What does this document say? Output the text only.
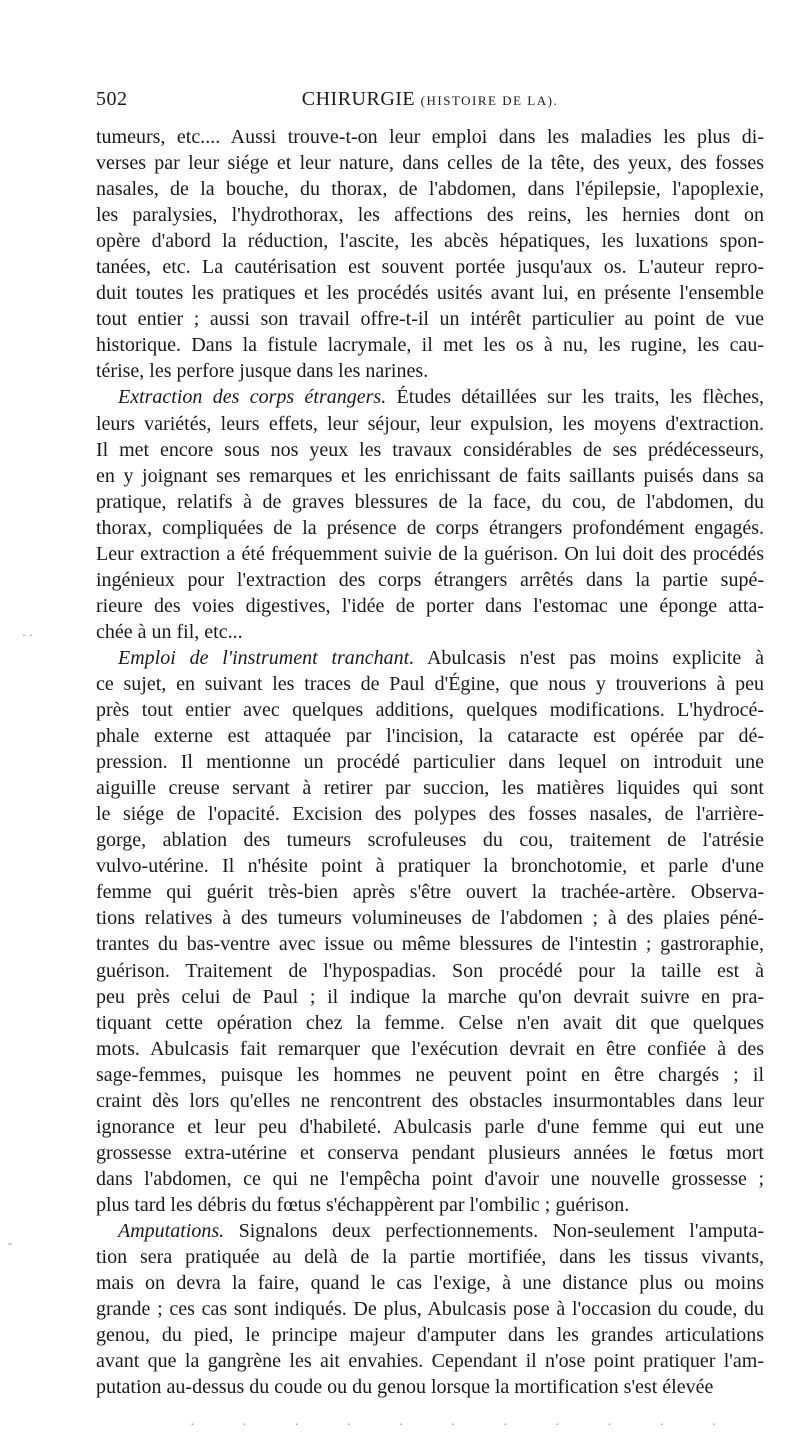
502	CHIRURGIE (HISTOIRE DE LA).
tumeurs, etc.... Aussi trouve-t-on leur emploi dans les maladies les plus di-
verses par leur siége et leur nature, dans celles de la tête, des yeux, des fosses
nasales, de la bouche, du thorax, de l'abdomen, dans l'épilepsie, l'apoplexie,
les paralysies, l'hydrothorax, les affections des reins, les hernies dont on
opère d'abord la réduction, l'ascite, les abcès hépatiques, les luxations spon-
tanées, etc. La cautérisation est souvent portée jusqu'aux os. L'auteur repro-
duit toutes les pratiques et les procédés usités avant lui, en présente l'ensemble
tout entier ; aussi son travail offre-t-il un intérêt particulier au point de vue
historique. Dans la fistule lacrymale, il met les os à nu, les rugine, les cau-
térise, les perfore jusque dans les narines.
Extraction des corps étrangers. Études détaillées sur les traits, les flèches,
leurs variétés, leurs effets, leur séjour, leur expulsion, les moyens d'extraction.
Il met encore sous nos yeux les travaux considérables de ses prédécesseurs,
en y joignant ses remarques et les enrichissant de faits saillants puisés dans sa
pratique, relatifs à de graves blessures de la face, du cou, de l'abdomen, du
thorax, compliquées de la présence de corps étrangers profondément engagés.
Leur extraction a été fréquemment suivie de la guérison. On lui doit des procédés
ingénieux pour l'extraction des corps étrangers arrêtés dans la partie supé-
rieure des voies digestives, l'idée de porter dans l'estomac une éponge atta-
chée à un fil, etc...
Emploi de l'instrument tranchant. Abulcasis n'est pas moins explicite à
ce sujet, en suivant les traces de Paul d'Égine, que nous y trouverions à peu
près tout entier avec quelques additions, quelques modifications. L'hydrocé-
phale externe est attaquée par l'incision, la cataracte est opérée par dé-
pression. Il mentionne un procédé particulier dans lequel on introduit une
aiguille creuse servant à retirer par succion, les matières liquides qui sont
le siége de l'opacité. Excision des polypes des fosses nasales, de l'arrière-
gorge, ablation des tumeurs scrofuleuses du cou, traitement de l'atrésie
vulvo-utérine. Il n'hésite point à pratiquer la bronchotomie, et parle d'une
femme qui guérit très-bien après s'être ouvert la trachée-artère. Observa-
tions relatives à des tumeurs volumineuses de l'abdomen ; à des plaies péné-
trantes du bas-ventre avec issue ou même blessures de l'intestin ; gastroraphie,
guérison. Traitement de l'hypospadias. Son procédé pour la taille est à
peu près celui de Paul ; il indique la marche qu'on devrait suivre en pra-
tiquant cette opération chez la femme. Celse n'en avait dit que quelques
mots. Abulcasis fait remarquer que l'exécution devrait en être confiée à des
sage-femmes, puisque les hommes ne peuvent point en être chargés ; il
craint dès lors qu'elles ne rencontrent des obstacles insurmontables dans leur
ignorance et leur peu d'habileté. Abulcasis parle d'une femme qui eut une
grossesse extra-utérine et conserva pendant plusieurs années le fœtus mort
dans l'abdomen, ce qui ne l'empêcha point d'avoir une nouvelle grossesse ;
plus tard les débris du fœtus s'échappèrent par l'ombilic ; guérison.
Amputations. Signalons deux perfectionnements. Non-seulement l'amputa-
tion sera pratiquée au delà de la partie mortifiée, dans les tissus vivants,
mais on devra la faire, quand le cas l'exige, à une distance plus ou moins
grande ; ces cas sont indiqués. De plus, Abulcasis pose à l'occasion du coude, du
genou, du pied, le principe majeur d'amputer dans les grandes articulations
avant que la gangrène les ait envahies. Cependant il n'ose point pratiquer l'am-
putation au-dessus du coude ou du genou lorsque la mortification s'est élevée
· ·
-
· · · · · · · · · · ·
